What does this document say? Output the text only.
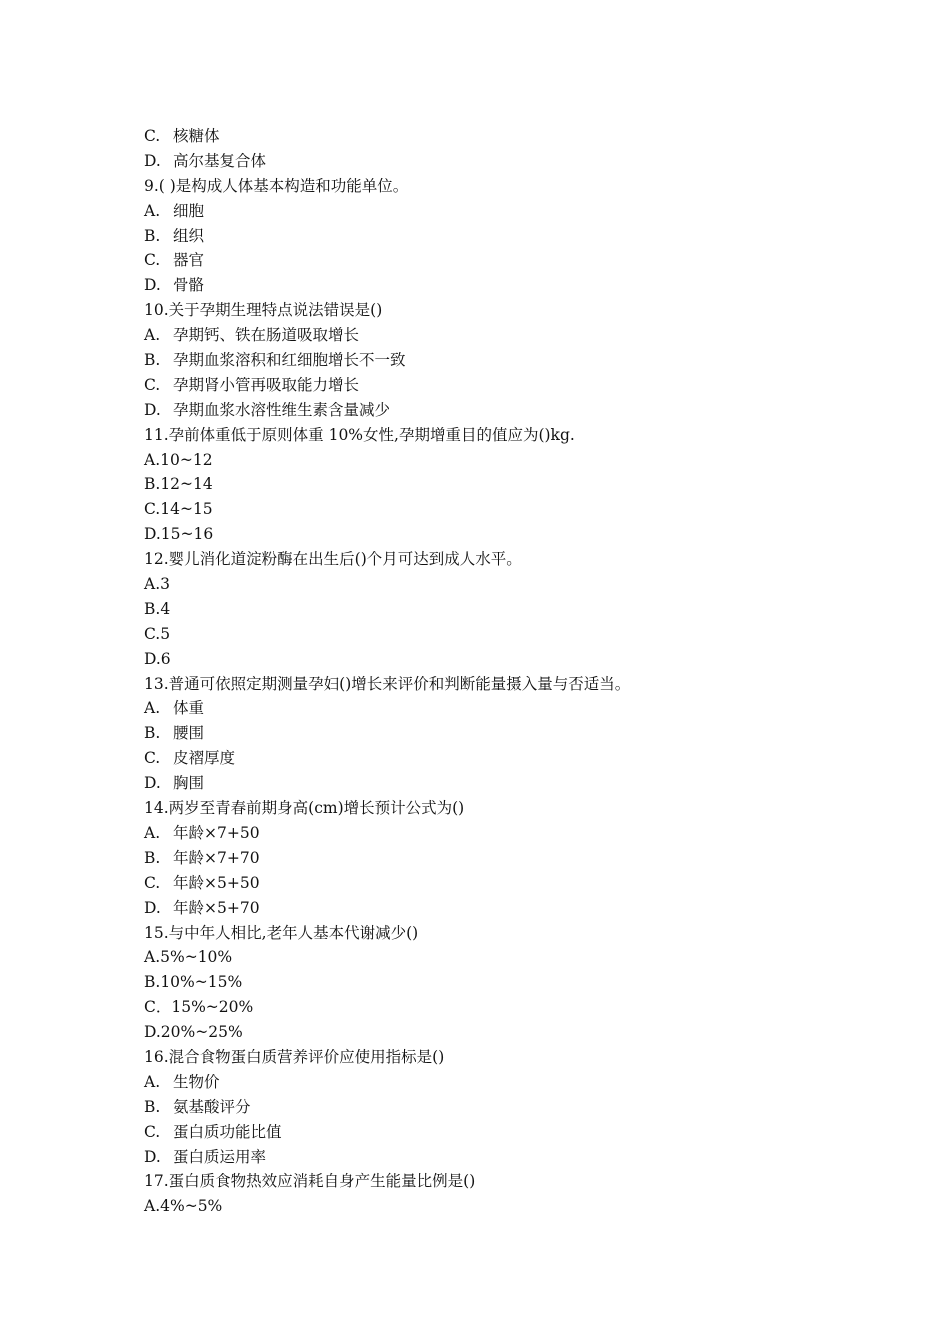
C. 核糖体
D. 高尔基复合体
9.( )是构成人体基本构造和功能单位。
A. 细胞
B. 组织
C. 器官
D. 骨骼
10.关于孕期生理特点说法错误是()
A. 孕期钙、铁在肠道吸取增长
B. 孕期血浆溶积和红细胞增长不一致
C. 孕期肾小管再吸取能力增长
D. 孕期血浆水溶性维生素含量减少
11.孕前体重低于原则体重 10%女性,孕期增重目的值应为()kg.
A.10~12
B.12~14
C.14~15
D.15~16
12.婴儿消化道淀粉酶在出生后()个月可达到成人水平。
A.3
B.4
C.5
D.6
13.普通可依照定期测量孕妇()增长来评价和判断能量摄入量与否适当。
A. 体重
B. 腰围
C. 皮褶厚度
D. 胸围
14.两岁至青春前期身高(cm)增长预计公式为()
A. 年龄×7+50
B. 年龄×7+70
C. 年龄×5+50
D. 年龄×5+70
15.与中年人相比,老年人基本代谢减少()
A.5%~10%
B.10%~15%
C．15%~20%
D.20%~25%
16.混合食物蛋白质营养评价应使用指标是()
A. 生物价
B. 氨基酸评分
C. 蛋白质功能比值
D. 蛋白质运用率
17.蛋白质食物热效应消耗自身产生能量比例是()
A.4%~5%
